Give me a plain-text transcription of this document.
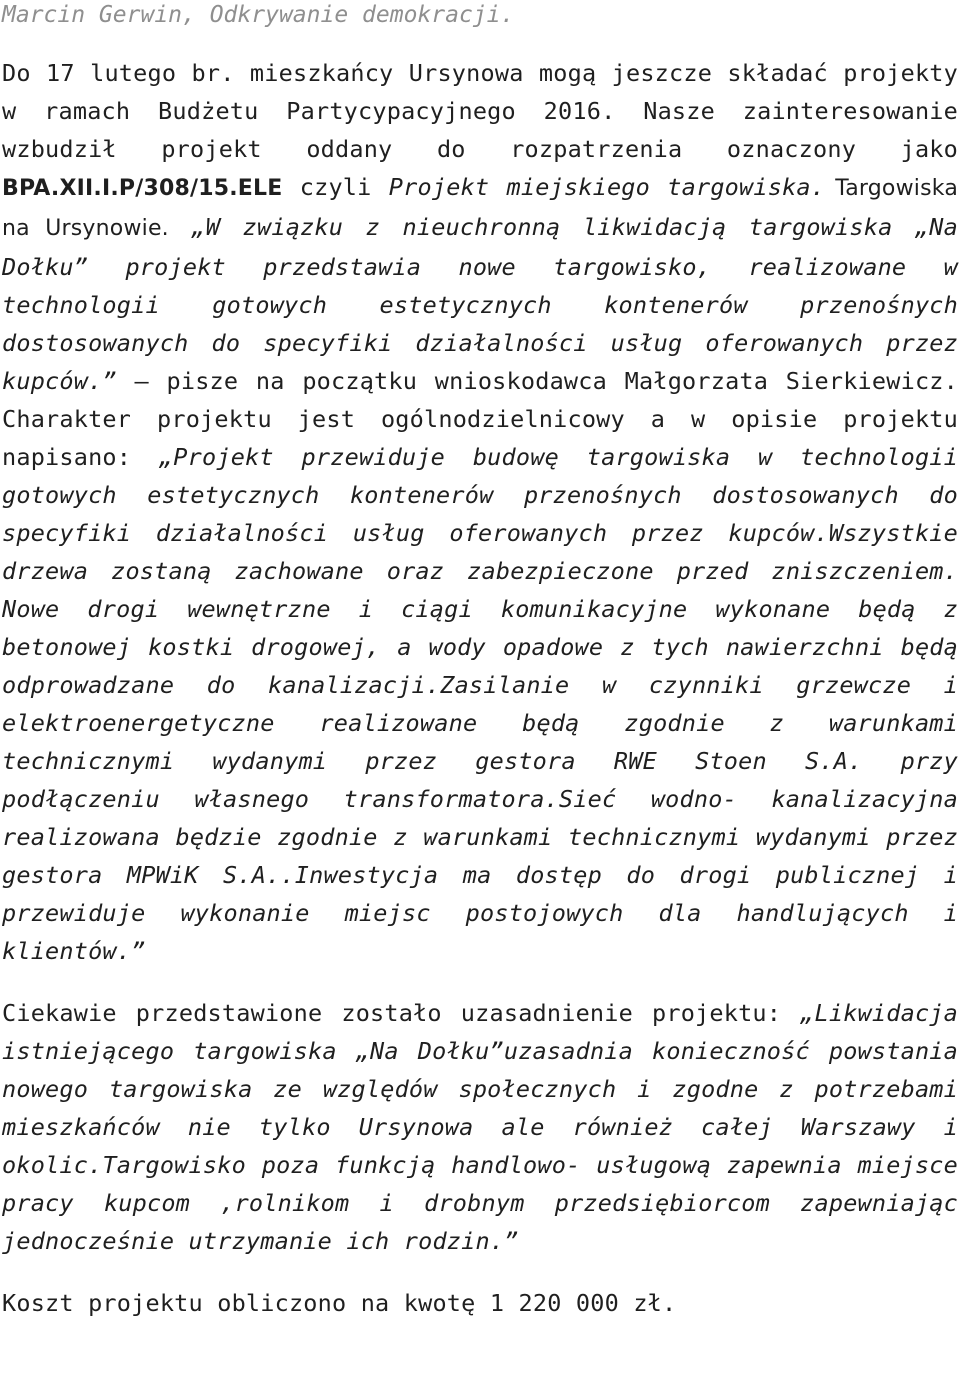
Marcin Gerwin, Odkrywanie demokracji.

Do 17 lutego br. mieszkańcy Ursynowa mogą jeszcze składać projekty w ramach Budżetu Partycypacyjnego 2016. Nasze zainteresowanie wzbudził projekt oddany do rozpatrzenia oznaczony jako BPA.XII.I.P/308/15.ELE czyli Projekt miejskiego targowiska. Targowiska na Ursynowie. „W związku z nieuchronną likwidacją targowiska „Na Dołku” projekt przedstawia nowe targowisko, realizowane w technologii gotowych estetycznych kontenerów przenośnych dostosowanych do specyfiki działalności usług oferowanych przez kupców.” – pisze na początku wnioskodawca Małgorzata Sierkiewicz. Charakter projektu jest ogólnodzielnicowy a w opisie projektu napisano: „Projekt przewiduje budowę targowiska w technologii gotowych estetycznych kontenerów przenośnych dostosowanych do specyfiki działalności usług oferowanych przez kupców.Wszystkie drzewa zostaną zachowane oraz zabezpieczone przed zniszczeniem. Nowe drogi wewnętrzne i ciągi komunikacyjne wykonane będą z betonowej kostki drogowej, a wody opadowe z tych nawierzchni będą odprowadzane do kanalizacji.Zasilanie w czynniki grzewcze i elektroenergetyczne realizowane będą zgodnie z warunkami technicznymi wydanymi przez gestora RWE Stoen S.A. przy podłączeniu własnego transformatora.Sieć wodno- kanalizacyjna realizowana będzie zgodnie z warunkami technicznymi wydanymi przez gestora MPWiK S.A..Inwestycja ma dostęp do drogi publicznej i przewiduje wykonanie miejsc postojowych dla handlujących i klientów.”

Ciekawie przedstawione zostało uzasadnienie projektu: „Likwidacja istniejącego targowiska „Na Dołku”uzasadnia konieczność powstania nowego targowiska ze względów społecznych i zgodne z potrzebami mieszkańców nie tylko Ursynowa ale również całej Warszawy i okolic.Targowisko poza funkcją handlowo- usługową zapewnia miejsce pracy kupcom ,rolnikom i drobnym przedsiębiorcom zapewniając jednocześnie utrzymanie ich rodzin.”

Koszt projektu obliczono na kwotę 1 220 000 zł.
